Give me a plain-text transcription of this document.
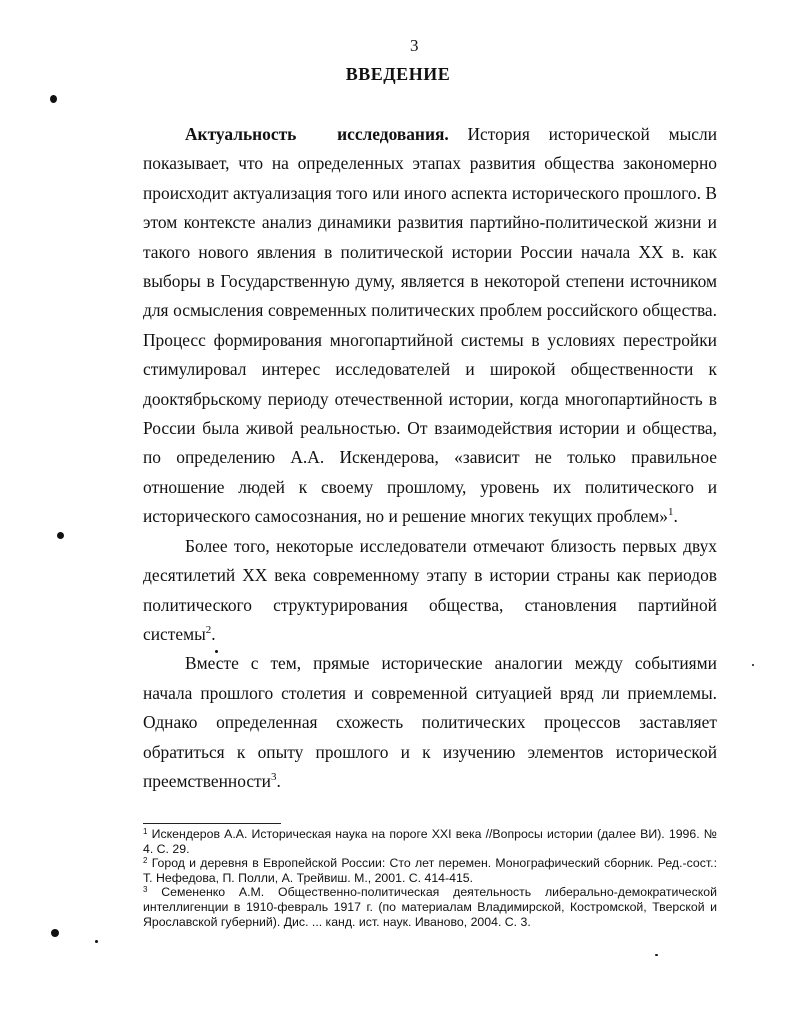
3
ВВЕДЕНИЕ

Актуальность исследования. История исторической мысли показывает, что на определенных этапах развития общества закономерно происходит актуализация того или иного аспекта исторического прошлого. В этом контексте анализ динамики развития партийно-политической жизни и такого нового явления в политической истории России начала XX в. как выборы в Государственную думу, является в некоторой степени источником для осмысления современных политических проблем российского общества. Процесс формирования многопартийной системы в условиях перестройки стимулировал интерес исследователей и широкой общественности к дооктябрьскому периоду отечественной истории, когда многопартийность в России была живой реальностью. От взаимодействия истории и общества, по определению А.А. Искендерова, «зависит не только правильное отношение людей к своему прошлому, уровень их политического и исторического самосознания, но и решение многих текущих проблем»$^1$.

Более того, некоторые исследователи отмечают близость первых двух десятилетий XX века современному этапу в истории страны как периодов политического структурирования общества, становления партийной системы$^2$.

Вместе с тем, прямые исторические аналогии между событиями начала прошлого столетия и современной ситуацией вряд ли приемлемы. Однако определенная схожесть политических процессов заставляет обратиться к опыту прошлого и к изучению элементов исторической преемственности$^3$.

$^1$ Искендеров А.А. Историческая наука на пороге XXI века //Вопросы истории (далее ВИ). 1996. № 4. С. 29.

$^2$ Город и деревня в Европейской России: Сто лет перемен. Монографический сборник. Ред.-сост.: Т. Нефедова, П. Полли, А. Трейвиш. М., 2001. С. 414-415.

$^3$ Семененко А.М. Общественно-политическая деятельность либерально-демократической интеллигенции в 1910-февраль 1917 г. (по материалам Владимирской, Костромской, Тверской и Ярославской губерний). Дис. ... канд. ист. наук. Иваново, 2004. С. 3.
